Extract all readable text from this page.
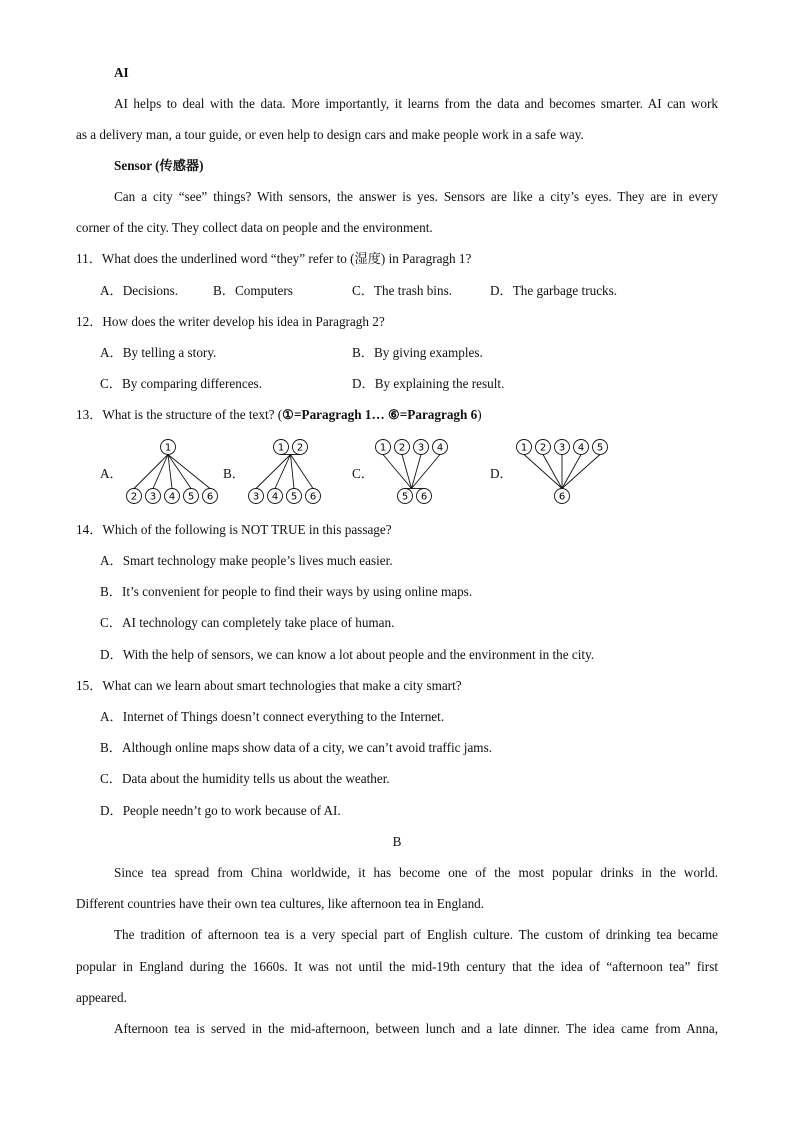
AI
AI helps to deal with the data. More importantly, it learns from the data and becomes smarter. AI can work
as a delivery man, a tour guide, or even help to design cars and make people work in a safe way.
Sensor (传感器)
Can a city “see” things? With sensors, the answer is yes. Sensors are like a city’s eyes. They are in every
corner of the city. They collect data on people and the environment.
11．What does the underlined word “they” refer to (湿度) in Paragragh 1?
A．Decisions.	B．Computers	C．The trash bins.	D．The garbage trucks.
12．How does the writer develop his idea in Paragragh 2?
A．By telling a story.	B．By giving examples.
C．By comparing differences.	D．By explaining the result.
13．What is the structure of the text? (①=Paragragh 1… ⑥=Paragragh 6)
A．	B．	C．	D．
1
2 3 4 5 6
1 2
3 4 5 6
1 2 3 4
5 6
1 2 3 4 5
6
14．Which of the following is NOT TRUE in this passage?
A．Smart technology make people’s lives much easier.
B．It’s convenient for people to find their ways by using online maps.
C．AI technology can completely take place of human.
D．With the help of sensors, we can know a lot about people and the environment in the city.
15．What can we learn about smart technologies that make a city smart?
A．Internet of Things doesn’t connect everything to the Internet.
B．Although online maps show data of a city, we can’t avoid traffic jams.
C．Data about the humidity tells us about the weather.
D．People needn’t go to work because of AI.
B
Since tea spread from China worldwide, it has become one of the most popular drinks in the world.
Different countries have their own tea cultures, like afternoon tea in England.
The tradition of afternoon tea is a very special part of English culture. The custom of drinking tea became
popular in England during the 1660s. It was not until the mid-19th century that the idea of “afternoon tea” first
appeared.
Afternoon tea is served in the mid-afternoon, between lunch and a late dinner. The idea came from Anna,
